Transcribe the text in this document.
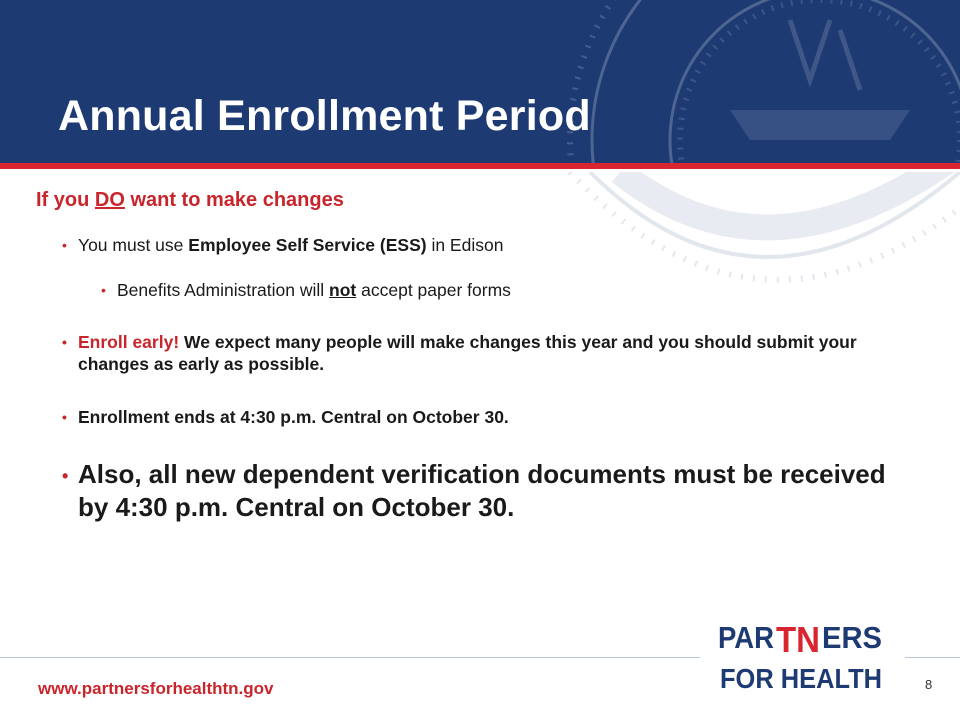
Annual Enrollment Period

If you DO want to make changes

• You must use Employee Self Service (ESS) in Edison
• Benefits Administration will not accept paper forms
• Enroll early! We expect many people will make changes this year and you should submit your changes as early as possible.
• Enrollment ends at 4:30 p.m. Central on October 30.
• Also, all new dependent verification documents must be received by 4:30 p.m. Central on October 30.
www.partnersforhealthtn.gov	8
PAR TN ERS
FOR HEALTH
